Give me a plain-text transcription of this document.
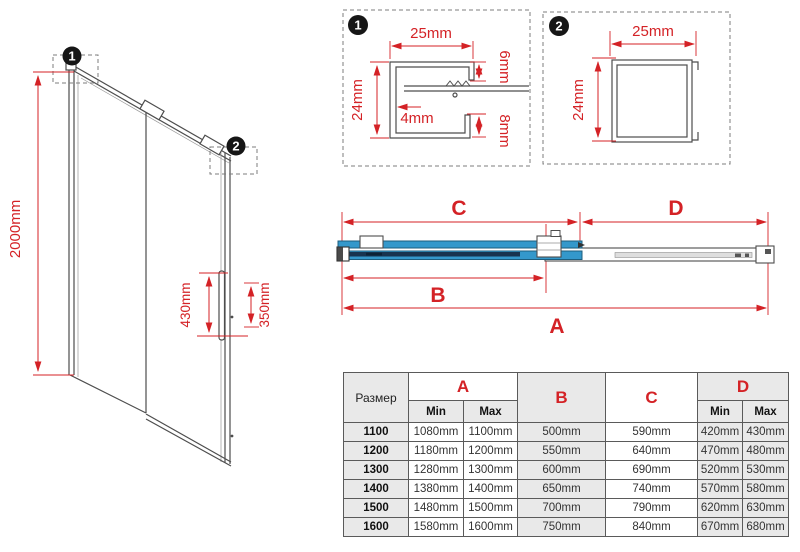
1
2
2000mm
430mm	350mm
1	25mm
24mm 4mm
6mm
8mm
2	25mm
24mm
C	D
B
A
Размер	A		B	C	D	
	Min	Max			Min	Max
1100	1080mm	1100mm	500mm	590mm	420mm	430mm
1200	1180mm	1200mm	550mm	640mm	470mm	480mm
1300	1280mm	1300mm	600mm	690mm	520mm	530mm
1400	1380mm	1400mm	650mm	740mm	570mm	580mm
1500	1480mm	1500mm	700mm	790mm	620mm	630mm
1600	1580mm	1600mm	750mm	840mm	670mm	680mm
